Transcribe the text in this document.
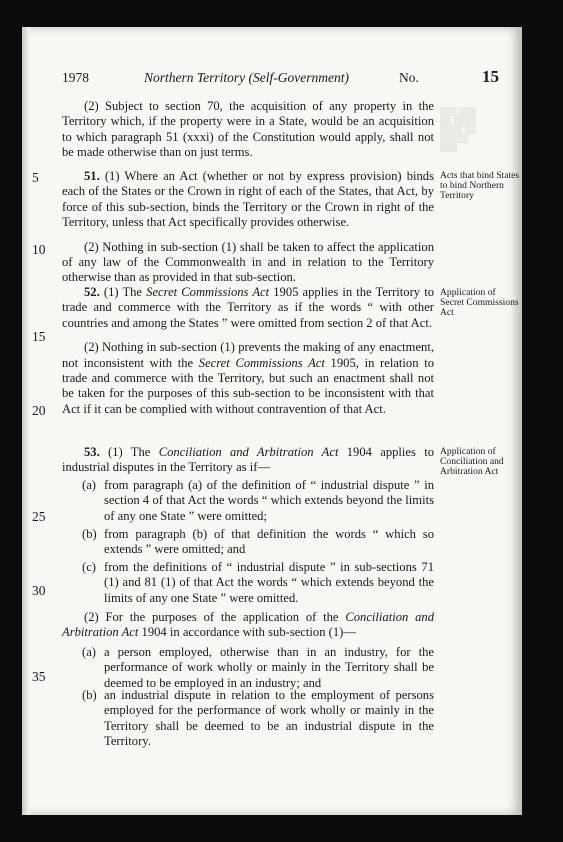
1978	Northern Territory (Self-Government)	No.	15
▒▒▒ ▒▒▒
▒▒ ▒▒▒▒
▒▒▒▒ ▒▒
▒▒▒▒▒
▒▒▒

(2) Subject to section 70, the acquisition of any property in the Territory which, if the property were in a State, would be an acquisition to which paragraph 51 (xxxi) of the Constitution would apply, shall not be made otherwise than on just terms.

51. (1) Where an Act (whether or not by express provision) binds each of the States or the Crown in right of each of the States, that Act, by force of this sub-section, binds the Territory or the Crown in right of the Territory, unless that Act specifically provides otherwise.

(2) Nothing in sub-section (1) shall be taken to affect the application of any law of the Commonwealth in and in relation to the Territory otherwise than as provided in that sub-section.

Acts that bind States to bind Northern Territory

52. (1) The Secret Commissions Act 1905 applies in the Territory to trade and commerce with the Territory as if the words “ with other countries and among the States ” were omitted from section 2 of that Act.

(2) Nothing in sub-section (1) prevents the making of any enactment, not inconsistent with the Secret Commissions Act 1905, in relation to trade and commerce with the Territory, but such an enactment shall not be taken for the purposes of this sub-section to be inconsistent with that Act if it can be complied with without contravention of that Act.

Application of Secret Commissions Act

53. (1) The Conciliation and Arbitration Act 1904 applies to industrial disputes in the Territory as if—

Application of Conciliation and Arbitration Act
(a) from paragraph (a) of the definition of “ industrial dispute ” in section 4 of that Act the words “ which extends beyond the limits of any one State ” were omitted;
(b) from paragraph (b) of that definition the words “ which so extends ” were omitted; and
(c) from the definitions of “ industrial dispute ” in sub-sections 71 (1) and 81 (1) of that Act the words “ which extends beyond the limits of any one State ” were omitted.

(2) For the purposes of the application of the Conciliation and Arbitration Act 1904 in accordance with sub-section (1)—

(a) a person employed, otherwise than in an industry, for the performance of work wholly or mainly in the Territory shall be deemed to be employed in an industry; and
(b) an industrial dispute in relation to the employment of persons employed for the performance of work wholly or mainly in the Territory shall be deemed to be an industrial dispute in the Territory.
5
10
15
20
25
30
35
